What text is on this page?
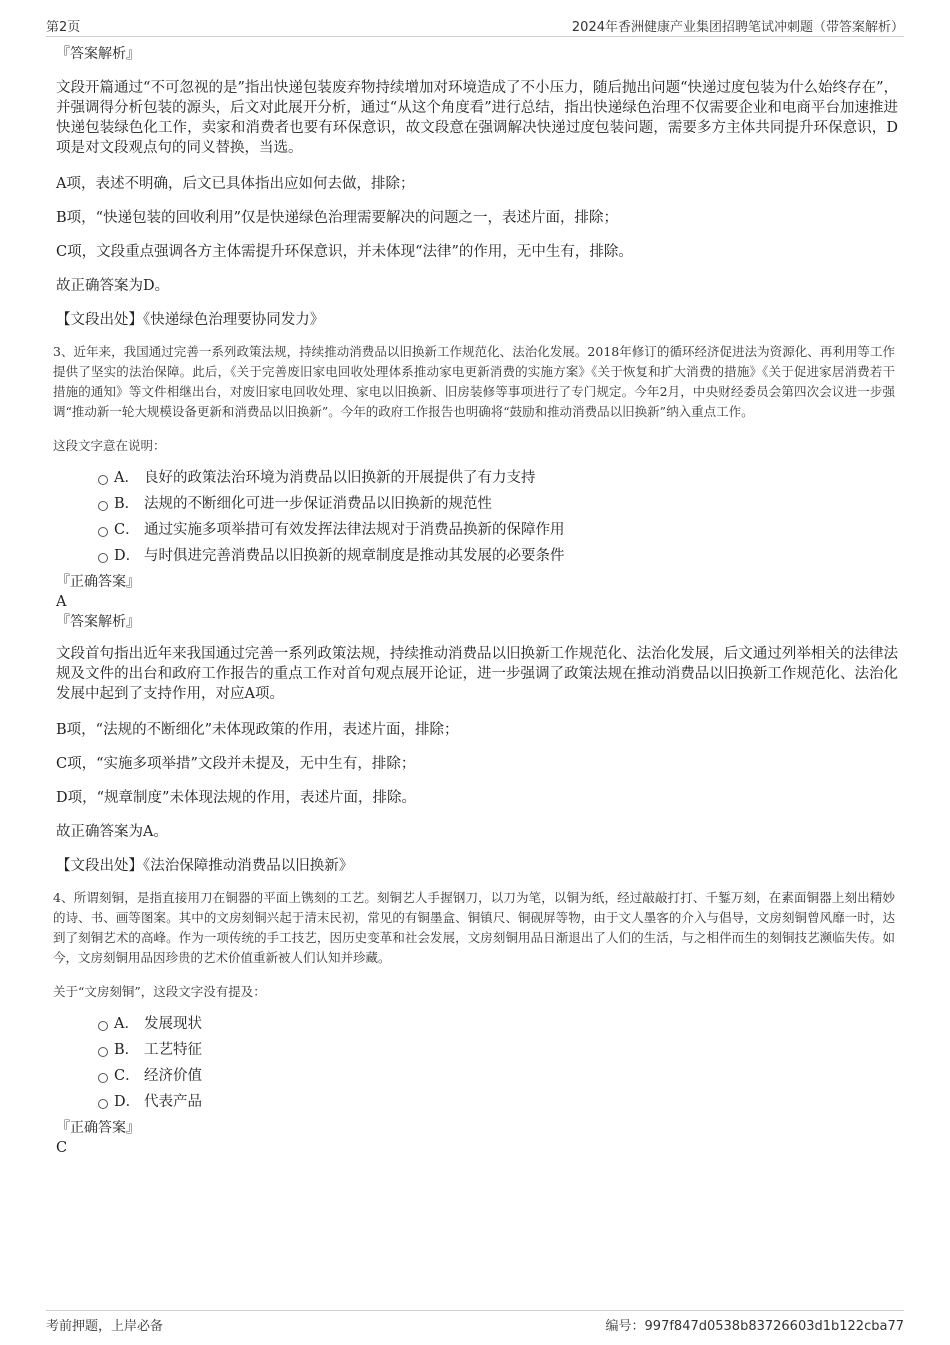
第2页	2024年香洲健康产业集团招聘笔试冲刺题（带答案解析）

『答案解析』

文段开篇通过“不可忽视的是”指出快递包装废弃物持续增加对环境造成了不小压力，随后抛出问题“快递过度包装为什么始终存在”，并强调得分析包装的源头，后文对此展开分析，通过“从这个角度看”进行总结，指出快递绿色治理不仅需要企业和电商平台加速推进快递包装绿色化工作，卖家和消费者也要有环保意识，故文段意在强调解决快递过度包装问题，需要多方主体共同提升环保意识，D项是对文段观点句的同义替换，当选。

A项，表述不明确，后文已具体指出应如何去做，排除；

B项，“快递包装的回收利用”仅是快递绿色治理需要解决的问题之一，表述片面，排除；

C项，文段重点强调各方主体需提升环保意识，并未体现“法律”的作用，无中生有，排除。

故正确答案为D。

【文段出处】《快递绿色治理要协同发力》

3、近年来，我国通过完善一系列政策法规，持续推动消费品以旧换新工作规范化、法治化发展。2018年修订的循环经济促进法为资源化、再利用等工作提供了坚实的法治保障。此后，《关于完善废旧家电回收处理体系推动家电更新消费的实施方案》《关于恢复和扩大消费的措施》《关于促进家居消费若干措施的通知》等文件相继出台，对废旧家电回收处理、家电以旧换新、旧房装修等事项进行了专门规定。今年2月，中央财经委员会第四次会议进一步强调“推动新一轮大规模设备更新和消费品以旧换新”。今年的政府工作报告也明确将“鼓励和推动消费品以旧换新”纳入重点工作。

这段文字意在说明：

A． 良好的政策法治环境为消费品以旧换新的开展提供了有力支持
B． 法规的不断细化可进一步保证消费品以旧换新的规范性
C． 通过实施多项举措可有效发挥法律法规对于消费品换新的保障作用
D． 与时俱进完善消费品以旧换新的规章制度是推动其发展的必要条件

『正确答案』

A

『答案解析』

文段首句指出近年来我国通过完善一系列政策法规，持续推动消费品以旧换新工作规范化、法治化发展，后文通过列举相关的法律法规及文件的出台和政府工作报告的重点工作对首句观点展开论证，进一步强调了政策法规在推动消费品以旧换新工作规范化、法治化发展中起到了支持作用，对应A项。

B项，“法规的不断细化”未体现政策的作用，表述片面，排除；

C项，“实施多项举措”文段并未提及，无中生有，排除；

D项，“规章制度”未体现法规的作用，表述片面，排除。

故正确答案为A。

【文段出处】《法治保障推动消费品以旧换新》

4、所谓刻铜，是指直接用刀在铜器的平面上镌刻的工艺。刻铜艺人手握钢刀，以刀为笔，以铜为纸，经过敲敲打打、千錾万刻，在素面铜器上刻出精妙的诗、书、画等图案。其中的文房刻铜兴起于清末民初，常见的有铜墨盒、铜镇尺、铜砚屏等物，由于文人墨客的介入与倡导，文房刻铜曾风靡一时，达到了刻铜艺术的高峰。作为一项传统的手工技艺，因历史变革和社会发展，文房刻铜用品日渐退出了人们的生活，与之相伴而生的刻铜技艺濒临失传。如今，文房刻铜用品因珍贵的艺术价值重新被人们认知并珍藏。

关于“文房刻铜”，这段文字没有提及：

A． 发展现状
B． 工艺特征
C． 经济价值
D． 代表产品

『正确答案』

C

考前押题，上岸必备	编号：997f847d0538b83726603d1b122cba77
